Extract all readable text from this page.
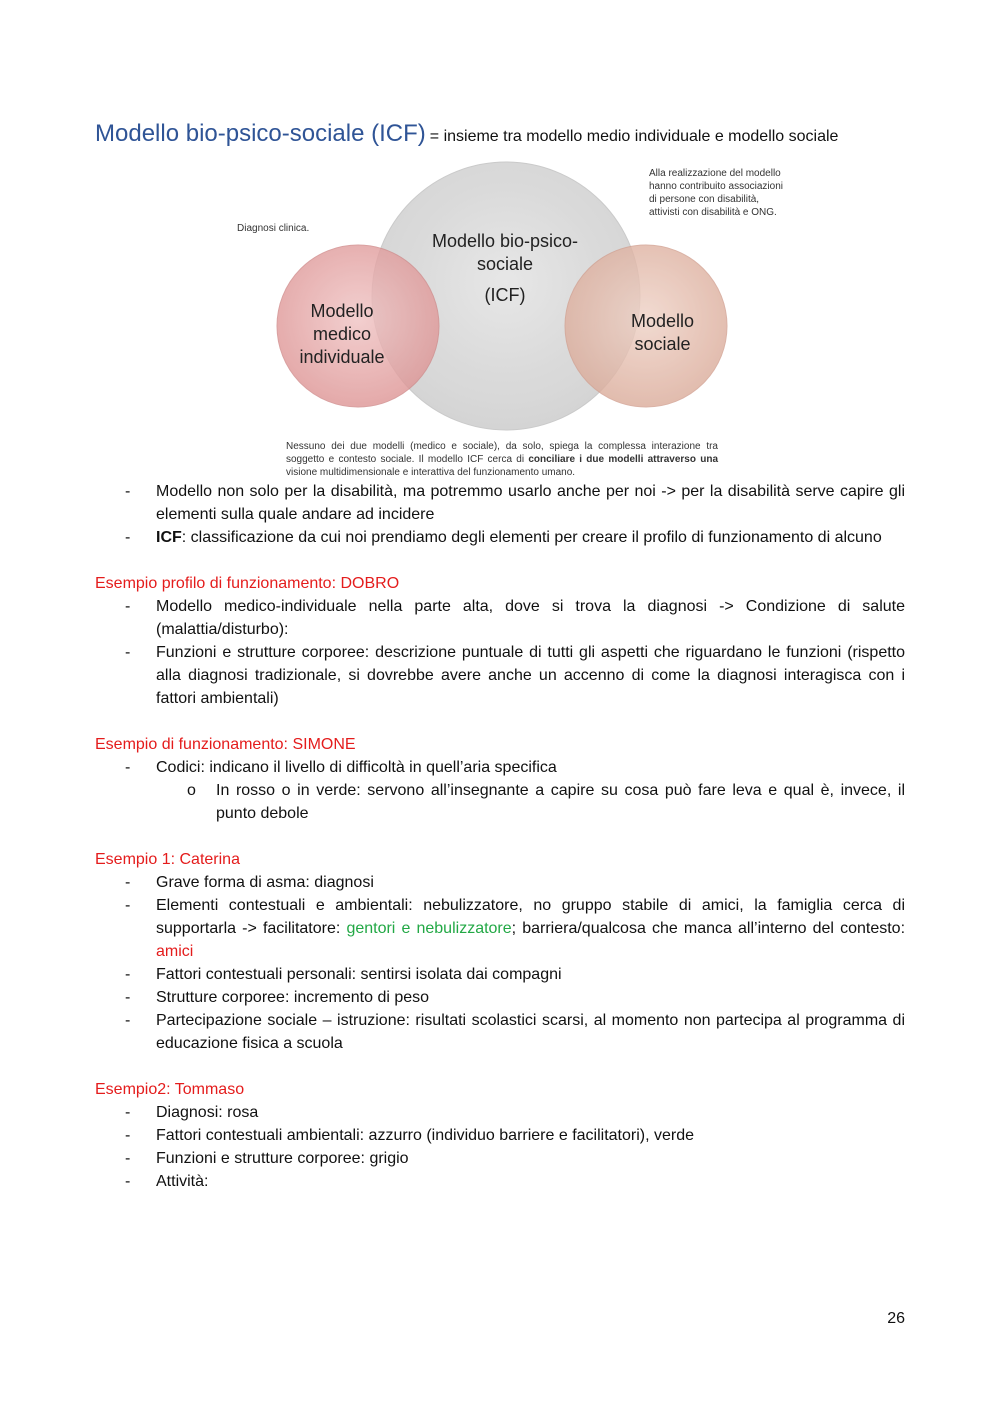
Modello bio-psico-sociale (ICF) = insieme tra modello medio individuale e modello sociale
Diagnosi clinica.
Alla realizzazione del modello hanno contribuito associazioni di persone con disabilità, attivisti con disabilità e ONG.
Modello bio-psico-sociale
(ICF)
Modello medico individuale
Modello sociale
Nessuno dei due modelli (medico e sociale), da solo, spiega la complessa interazione tra soggetto e contesto sociale. Il modello ICF cerca di conciliare i due modelli attraverso una visione multidimensionale e interattiva del funzionamento umano.
- Modello non solo per la disabilità, ma potremmo usarlo anche per noi -> per la disabilità serve capire gli elementi sulla quale andare ad incidere
- ICF: classificazione da cui noi prendiamo degli elementi per creare il profilo di funzionamento di alcuno
Esempio profilo di funzionamento: DOBRO
- Modello medico-individuale nella parte alta, dove si trova la diagnosi -> Condizione di salute (malattia/disturbo):
- Funzioni e strutture corporee: descrizione puntuale di tutti gli aspetti che riguardano le funzioni (rispetto alla diagnosi tradizionale, si dovrebbe avere anche un accenno di come la diagnosi interagisca con i fattori ambientali)
Esempio di funzionamento: SIMONE
- Codici: indicano il livello di difficoltà in quell’aria specifica
o In rosso o in verde: servono all’insegnante a capire su cosa può fare leva e qual è, invece, il punto debole
Esempio 1: Caterina
- Grave forma di asma: diagnosi
- Elementi contestuali e ambientali: nebulizzatore, no gruppo stabile di amici, la famiglia cerca di supportarla -> facilitatore: gentori e nebulizzatore; barriera/qualcosa che manca all’interno del contesto: amici
- Fattori contestuali personali: sentirsi isolata dai compagni
- Strutture corporee: incremento di peso
- Partecipazione sociale – istruzione: risultati scolastici scarsi, al momento non partecipa al programma di educazione fisica a scuola
Esempio2: Tommaso
- Diagnosi: rosa
- Fattori contestuali ambientali: azzurro (individuo barriere e facilitatori), verde
- Funzioni e strutture corporee: grigio
- Attività:
26
